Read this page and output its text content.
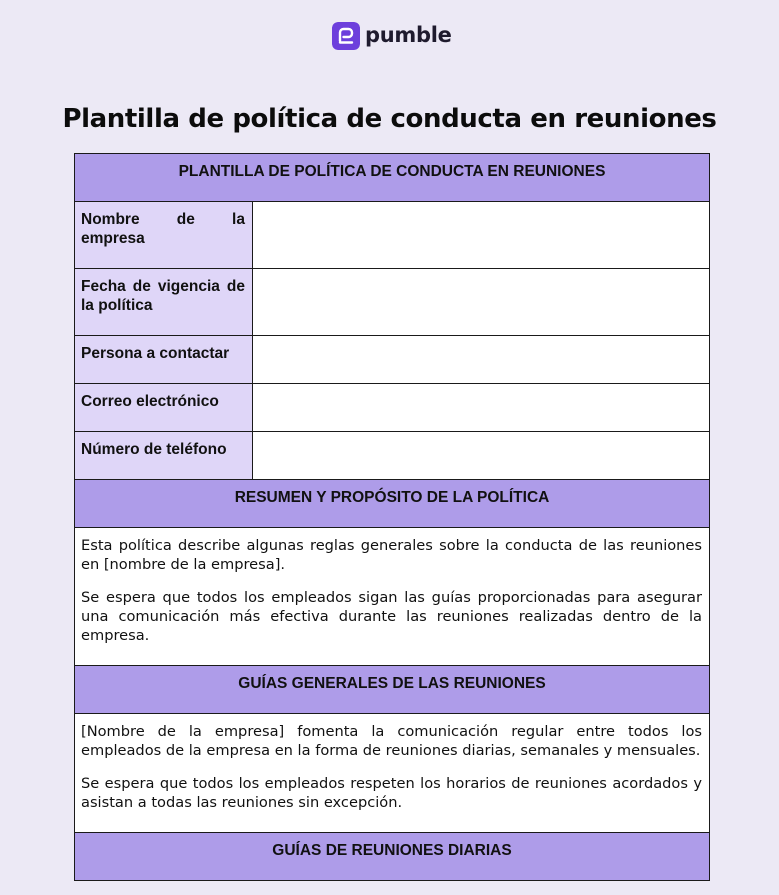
pumble
Plantilla de política de conducta en reuniones
PLANTILLA DE POLÍTICA DE CONDUCTA EN REUNIONES	
Nombre de la empresa	
Fecha de vigencia de la política	
Persona a contactar	
Correo electrónico	
Número de teléfono	
RESUMEN Y PROPÓSITO DE LA POLÍTICA	

Esta política describe algunas reglas generales sobre la conducta de las reuniones en [nombre de la empresa].

Se espera que todos los empleados sigan las guías proporcionadas para asegurar una comunicación más efectiva durante las reuniones realizadas dentro de la empresa.	

GUÍAS GENERALES DE LAS REUNIONES	

[Nombre de la empresa] fomenta la comunicación regular entre todos los empleados de la empresa en la forma de reuniones diarias, semanales y mensuales.

Se espera que todos los empleados respeten los horarios de reuniones acordados y asistan a todas las reuniones sin excepción.	

GUÍAS DE REUNIONES DIARIAS	
